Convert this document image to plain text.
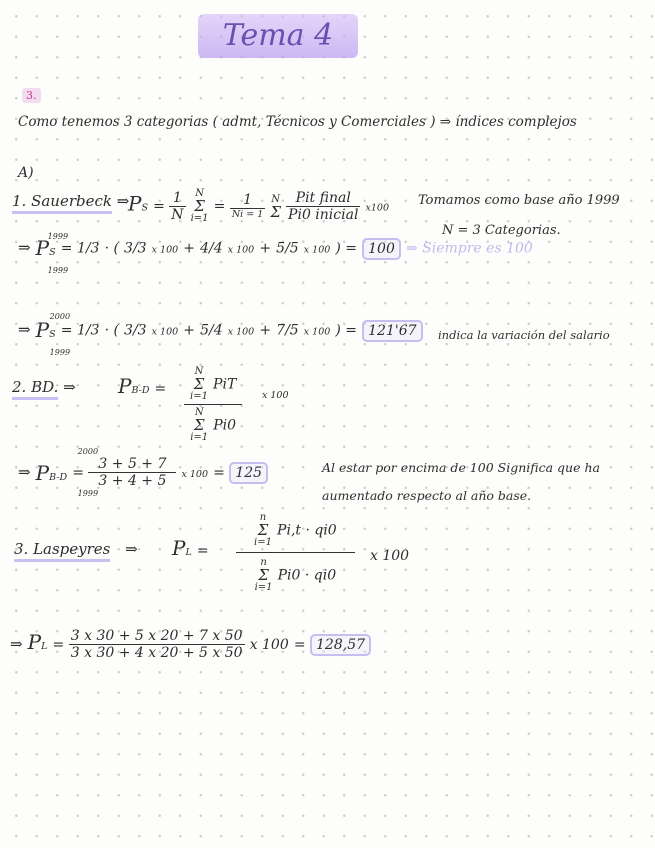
Tema 4
3.
Como tenemos 3 categorias ( admt, Técnicos y Comerciales ) ⇒ índices complejos
A)
1. Sauerbeck ⇒
PS = $\frac{1}{N}$
N
Σ
i=1
= $\frac{1}{Ni = 1}$
N
Σ
$\frac{\text{Pit final}}{\text{Pi0 inicial}} x100$ Tomamos como base año 1999
N = 3 Categorias.
⇒
1999
PS
1999
= 1/3 · ( 3/3 x 100 + 4/4 x 100 + 5/5 x 100 ) = 100 ⇒ Siempre es 100
⇒
2000
PS
1999
= 1/3 · ( 3/3 x 100 + 5/4 x 100 + 7/5 x 100 ) = 121'67	indica la variación del salario
2. BD. ⇒ PB-D =
N
Σ
i=1
PiT
N
Σ
i=1
Pi0
x 100
⇒
2000
PB-D
1999
= $\frac{3 + 5 + 7}{3 + 4 + 5}$ x 100 = 125	Al estar por encima de 100 Significa que ha
aumentado respecto al año base.
3. Laspeyres ⇒ PL =
n
Σ
i=1
Pi,t · qi0
n
Σ
i=1
Pi0 · qi0
x 100
⇒ PL = $\frac{3 x 30 + 5 x 20 + 7 x 50}{3 x 30 + 4 x 20 + 5 x 50}$ x 100 = 128,57
